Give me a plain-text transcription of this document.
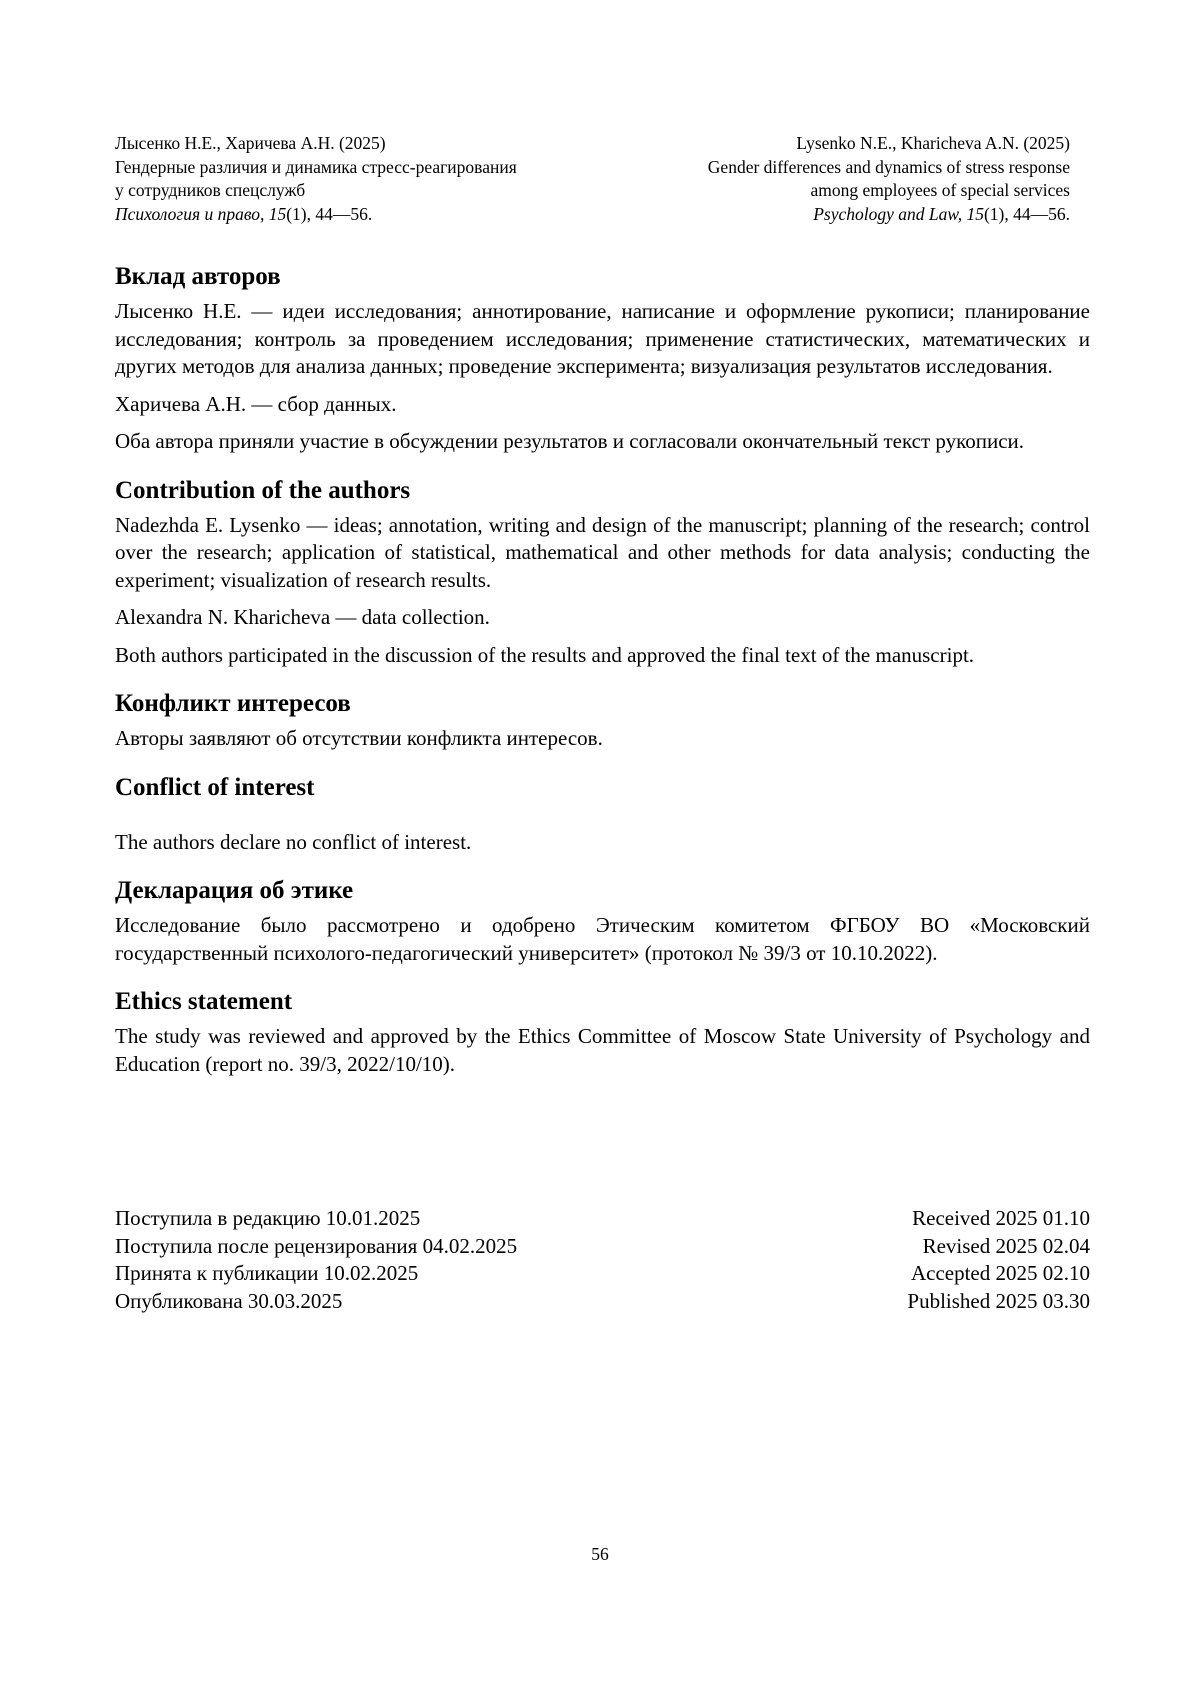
Лысенко Н.Е., Харичева А.Н. (2025)
Гендерные различия и динамика стресс-реагирования
у сотрудников спецслужб
Психология и право, 15(1), 44—56.
Lysenko N.E., Kharicheva A.N. (2025)
Gender differences and dynamics of stress response
among employees of special services
Psychology and Law, 15(1), 44—56.
Вклад авторов

Лысенко Н.Е. — идеи исследования; аннотирование, написание и оформление рукописи; планирование исследования; контроль за проведением исследования; применение статистических, математических и других методов для анализа данных; проведение эксперимента; визуализация результатов исследования.

Харичева А.Н. — сбор данных.

Оба автора приняли участие в обсуждении результатов и согласовали окончательный текст рукописи.

Contribution of the authors

Nadezhda E. Lysenko — ideas; annotation, writing and design of the manuscript; planning of the research; control over the research; application of statistical, mathematical and other methods for data analysis; conducting the experiment; visualization of research results.

Alexandra N. Kharicheva — data collection.

Both authors participated in the discussion of the results and approved the final text of the manuscript.

Конфликт интересов

Авторы заявляют об отсутствии конфликта интересов.

Conflict of interest

The authors declare no conflict of interest.

Декларация об этике

Исследование было рассмотрено и одобрено Этическим комитетом ФГБОУ ВО «Московский государственный психолого-педагогический университет» (протокол № 39/3 от 10.10.2022).

Ethics statement

The study was reviewed and approved by the Ethics Committee of Moscow State University of Psychology and Education (report no. 39/3, 2022/10/10).

Поступила в редакцию 10.01.2025
Поступила после рецензирования 04.02.2025
Принята к публикации 10.02.2025
Опубликована 30.03.2025
Received 2025 01.10
Revised 2025 02.04
Accepted 2025 02.10
Published 2025 03.30
56
